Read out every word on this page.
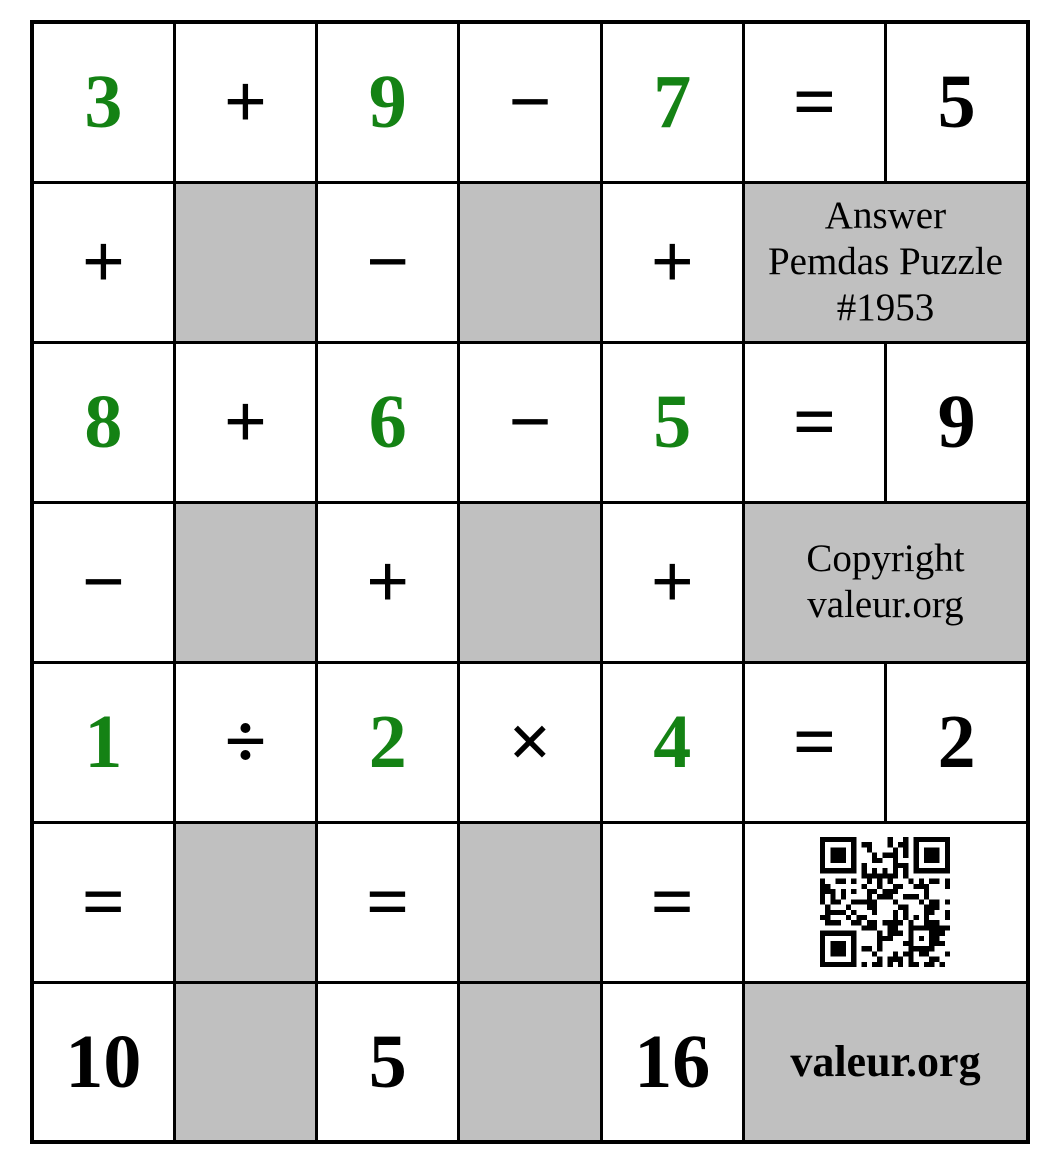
3	+	9	−	7	=	5
+		−		+	Answer
Pemdas Puzzle
#1953	

8	+	6	−	5	=	9
−		+		+	Copyright
valeur.org	

1	÷	2	×	4	=	2
=		=		=	

10		5		16	valeur.org	
